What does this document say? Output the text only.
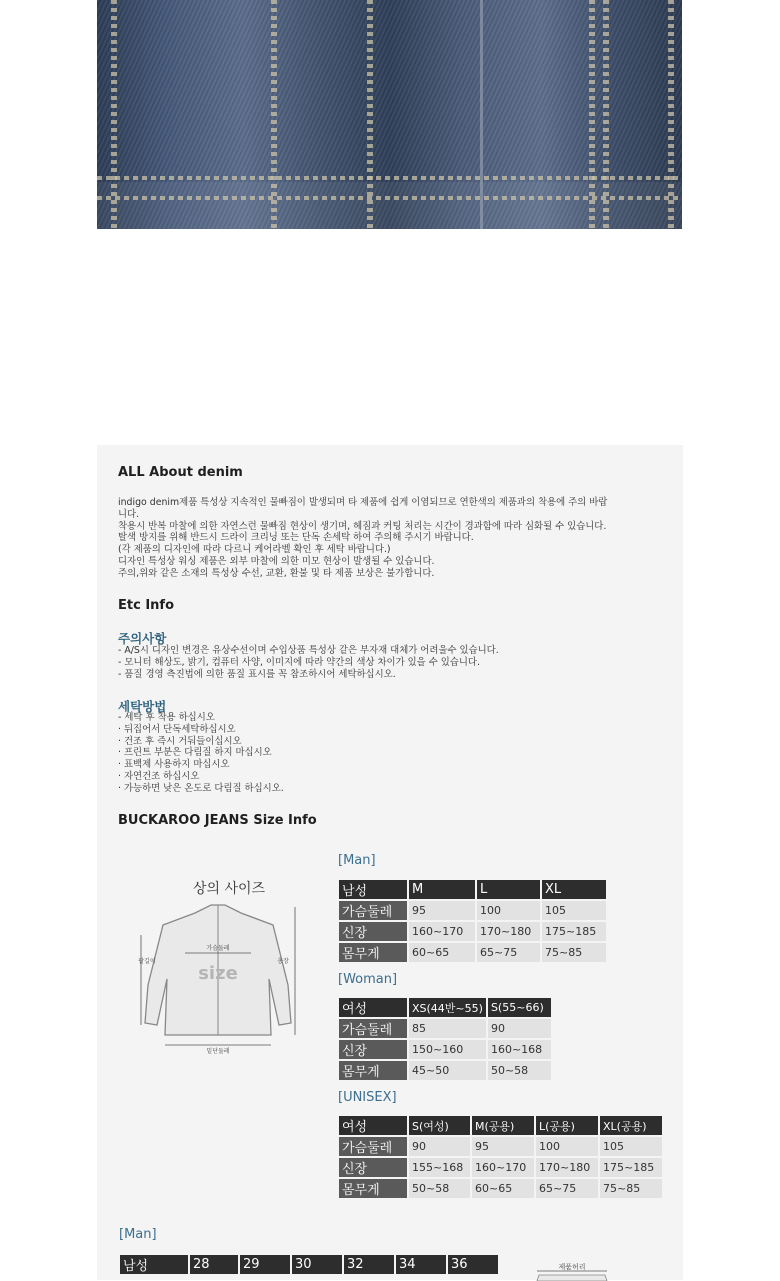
ALL About denim
indigo denim제품 특성상 지속적인 물빠짐이 발생되며 타 제품에 쉽게 이염되므로 연한색의 제품과의 착용에 주의 바랍
니다.
착용시 반복 마찰에 의한 자연스런 물빠짐 현상이 생기며, 헤짐과 커팅 처리는 시간이 경과함에 따라 심화될 수 있습니다.
탈색 방지를 위해 반드시 드라이 크리닝 또는 단독 손세탁 하여 주의해 주시기 바랍니다.
(각 제품의 디자인에 따라 다르니 케어라벨 확인 후 세탁 바랍니다.)
디자인 특성상 워싱 제품은 외부 마찰에 의한 미모 현상이 발생될 수 있습니다.
주의,위와 같은 소재의 특성상 수선, 교환, 환불 및 타 제품 보상은 불가합니다.
Etc Info
주의사항
- A/S시 디자인 변경은 유상수선이며 수입상품 특성상 같은 부자재 대체가 어려울수 있습니다.
- 모니터 해상도, 밝기, 컴퓨터 사양, 이미지에 따라 약간의 색상 차이가 있을 수 있습니다.
- 품질 경영 측진법에 의한 품질 표시를 꼭 참조하시어 세탁하십시오.
세탁방법
- 세탁 후 착용 하십시오
· 뒤집어서 단독세탁하십시오
· 건조 후 즉시 거둬들이십시오
· 프린트 부분은 다림질 하지 마십시오
· 표백제 사용하지 마십시오
· 자연건조 하십시오
· 가능하면 낮은 온도로 다림질 하십시오.
BUCKAROO JEANS Size Info
상의 사이즈
size
가슴둘레
팔길이	총장
밑단둘레
[Man]
남성	M	L	XL
가슴둘레	95	100	105
신장	160~170	170~180	175~185
몸무게	60~65	65~75	75~85
[Woman]
여성	XS(44반~55)	S(55~66)
가슴둘레	85	90
신장	150~160	160~168
몸무게	45~50	50~58
[UNISEX]
여성	S(여성)	M(공용)	L(공용)	XL(공용)
가슴둘레	90	95	100	105
신장	155~168	160~170	170~180	175~185
몸무게	50~58	60~65	65~75	75~85
[Man]
남성	28	29	30	32	34	36	제품허리
